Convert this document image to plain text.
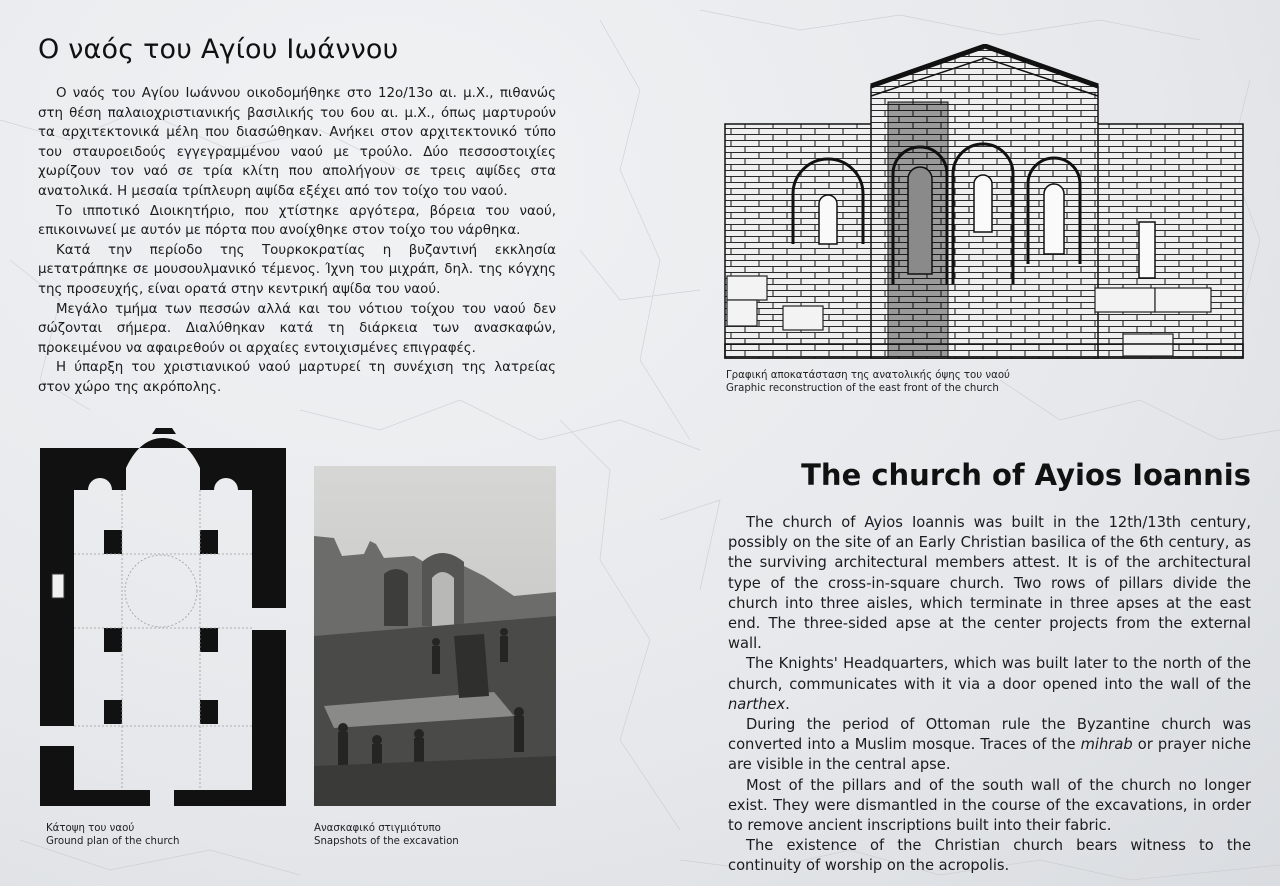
Ο ναός του Αγίου Ιωάννου

Ο ναός του Αγίου Ιωάννου οικοδομήθηκε στο 12ο/13ο αι. μ.Χ., πιθανώς στη θέση παλαιοχριστιανικής βασιλικής του 6ου αι. μ.Χ., όπως μαρτυρούν τα αρχιτεκτονικά μέλη που διασώθηκαν. Ανήκει στον αρχιτεκτονικό τύπο του σταυροειδούς εγγεγραμμένου ναού με τρούλο. Δύο πεσσοστοιχίες χωρίζουν τον ναό σε τρία κλίτη που απολήγουν σε τρεις αψίδες στα ανατολικά. Η μεσαία τρίπλευρη αψίδα εξέχει από τον τοίχο του ναού.

Το ιπποτικό Διοικητήριο, που χτίστηκε αργότερα, βόρεια του ναού, επικοινωνεί με αυτόν με πόρτα που ανοίχθηκε στον τοίχο του νάρθηκα.

Κατά την περίοδο της Τουρκοκρατίας η βυζαντινή εκκλησία μετατράπηκε σε μουσουλμανικό τέμενος. Ίχνη του μιχράπ, δηλ. της κόγχης της προσευχής, είναι ορατά στην κεντρική αψίδα του ναού.

Μεγάλο τμήμα των πεσσών αλλά και του νότιου τοίχου του ναού δεν σώζονται σήμερα. Διαλύθηκαν κατά τη διάρκεια των ανασκαφών, προκειμένου να αφαιρεθούν οι αρχαίες εντοιχισμένες επιγραφές.

Η ύπαρξη του χριστιανικού ναού μαρτυρεί τη συνέχιση της λατρείας στον χώρο της ακρόπολης.

Γραφική αποκατάσταση της ανατολικής όψης του ναού
Graphic reconstruction of the east front of the church
Κάτοψη του ναού
Ground plan of the church
Ανασκαφικό στιγμιότυπο
Snapshots of the excavation
The church of Ayios Ioannis

The church of Ayios Ioannis was built in the 12th/13th century, possibly on the site of an Early Christian basilica of the 6th century, as the surviving architectural members attest. It is of the architectural type of the cross-in-square church. Two rows of pillars divide the church into three aisles, which terminate in three apses at the east end. The three-sided apse at the center projects from the external wall.

The Knights' Headquarters, which was built later to the north of the church, communicates with it via a door opened into the wall of the narthex.

During the period of Ottoman rule the Byzantine church was converted into a Muslim mosque. Traces of the mihrab or prayer niche are visible in the central apse.

Most of the pillars and of the south wall of the church no longer exist. They were dismantled in the course of the excavations, in order to remove ancient inscriptions built into their fabric.

The existence of the Christian church bears witness to the continuity of worship on the acropolis.
